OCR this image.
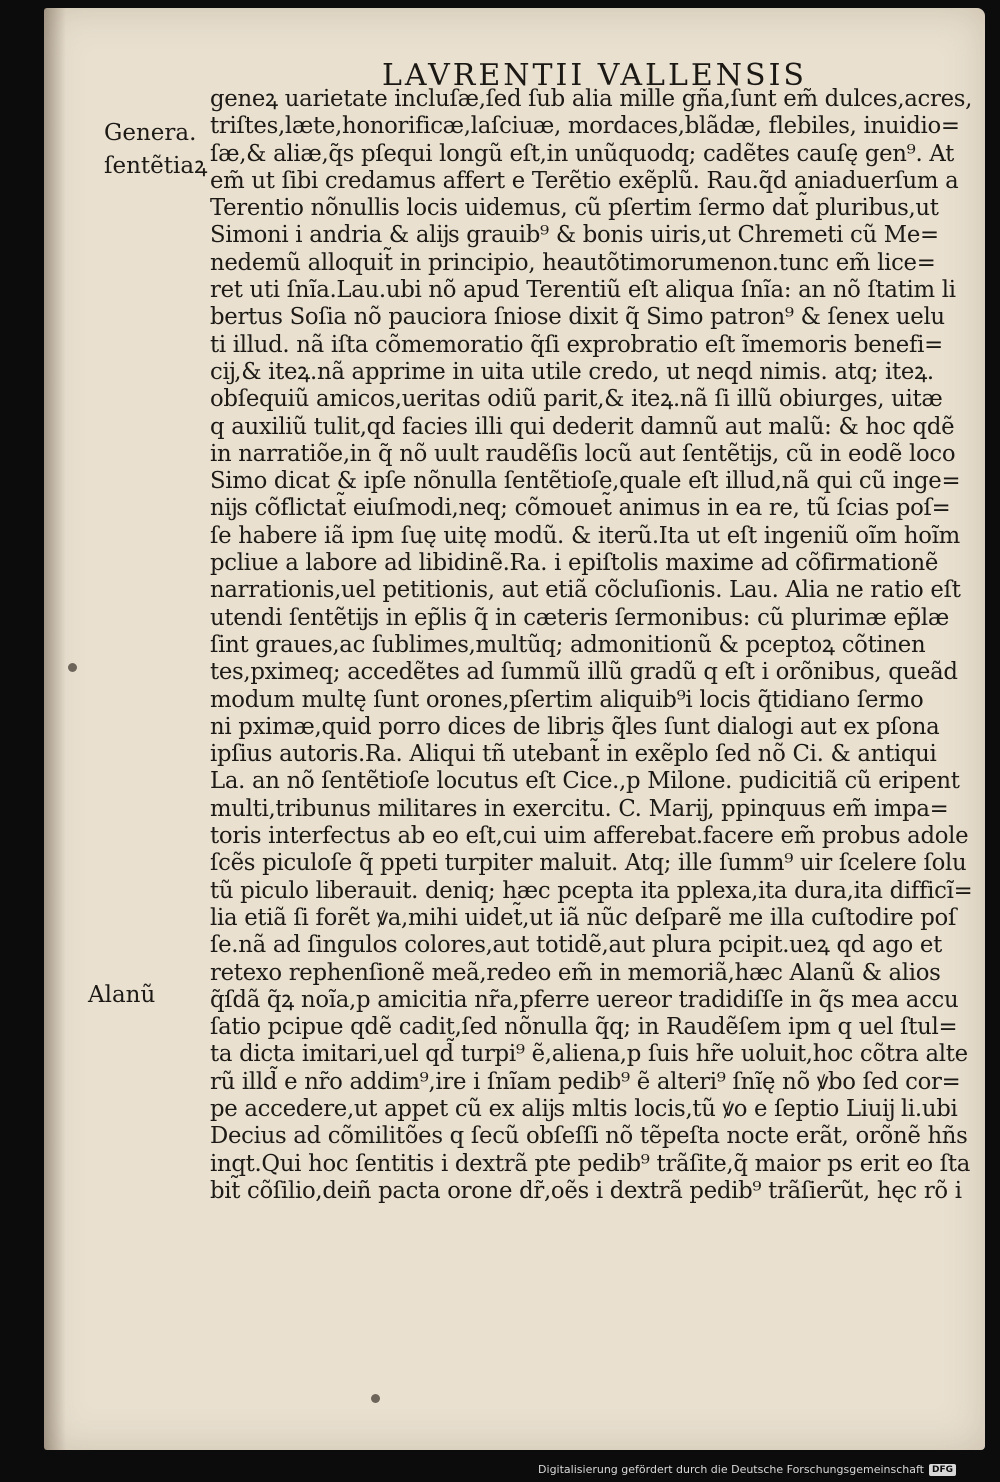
LAVRENTII VALLENSIS
Genera.
ſentẽtiaꝝ
Alanũ
geneꝝ uarietate incluſæ,ſed ſub alia mille gña,ſunt em̃ dulces,acres,
triſtes,læte,honorificæ,laſciuæ, mordaces,blãdæ, flebiles, inuidio=
ſæ,& aliæ,q̃s pſequi longũ eſt,in unũquodq; cadẽtes cauſę gen⁹. At
em̃ ut ſibi credamus affert e Terẽtio exẽplũ. Rau.q̃d aniaduerſum a
Terentio nõnullis locis uidemus, cũ pſertim ſermo dat̃ pluribus,ut
Simoni i andria & alĳs grauib⁹ & bonis uiris,ut Chremeti cũ Me=
nedemũ alloquit̃ in principio, heautõtimorumenon.tunc em̃ lice=
ret uti ſnĩa.Lau.ubi nõ apud Terentiũ eſt aliqua ſnĩa: an nõ ſtatim li
bertus Soſia nõ pauciora ſniose dixit q̃ Simo patron⁹ & ſenex uelu
ti illud. nã iſta cõmemoratio q̃ſi exprobratio eſt ĩmemoris benefi=
cĳ,& iteꝝ.nã apprime in uita utile credo, ut neqd nimis. atq; iteꝝ.
obſequiũ amicos,ueritas odiũ parit,& iteꝝ.nã ſi illũ obiurges, uitæ
q auxiliũ tulit,qd facies illi qui dederit damnũ aut malũ: & hoc qdẽ
in narratiõe,in q̃ nõ uult raudẽſis locũ aut ſentẽtĳs, cũ in eodẽ loco
Simo dicat & ipſe nõnulla ſentẽtioſe,quale eſt illud,nã qui cũ inge=
nĳs cõflictat̃ eiuſmodi,neq; cõmouet̃ animus in ea re, tũ ſcias poſ=
ſe habere iã ipm ſuę uitę modũ. & iterũ.Ita ut eſt ingeniũ oĩm hoĩm
pcliue a labore ad libidinẽ.Ra. i epiſtolis maxime ad cõfirmationẽ
narrationis,uel petitionis, aut etiã cõcluſionis. Lau. Alia ne ratio eſt
utendi ſentẽtĳs in ep̃lis q̃ in cæteris ſermonibus: cũ plurimæ ep̃læ
ſint graues,ac ſublimes,multũq; admonitionũ & pceptoꝝ cõtinen
tes,pximeq; accedẽtes ad ſummũ illũ gradũ q eſt i orõnibus, queãd
modum multę ſunt orones,pſertim aliquib⁹i locis q̃tidiano ſermo
ni pximæ,quid porro dices de libris q̃les ſunt dialogi aut ex pſona
ipſius autoris.Ra. Aliqui tñ utebant̃ in exẽplo ſed nõ Ci. & antiqui
La. an nõ ſentẽtioſe locutus eſt Cice.,p Milone. pudicitiã cũ eripent
multi,tribunus militares in exercitu. C. Marĳ, ppinquus em̃ impa=
toris interfectus ab eo eſt,cui uim afferebat.facere em̃ probus adole
ſcẽs piculoſe q̃ ppeti turpiter maluit. Atq; ille ſumm⁹ uir ſcelere ſolu
tũ piculo liberauit. deniq; hæc pcepta ita pplexa,ita dura,ita difficĩ=
lia etiã ſi forẽt ꝟa,mihi uidet̃,ut iã nũc deſparẽ me illa cuſtodire poſ
ſe.nã ad ſingulos colores,aut totidẽ,aut plura pcipit.ueꝝ qd ago et
retexo rephenſionẽ meã,redeo em̃ in memoriã,hæc Alanũ & alios
q̃ſdã q̃ꝝ noĩa,p amicitia nr̃a,pferre uereor tradidiſſe in q̃s mea accu
ſatio pcipue qdẽ cadit,ſed nõnulla q̃q; in Raudẽſem ipm q uel ſtul=
ta dicta imitari,uel qd̃ turpi⁹ ẽ,aliena,p ſuis hr̃e uoluit,hoc cõtra alte
rũ illd̃ e nr̃o addim⁹,ire i ſnĩam pedib⁹ ẽ alteri⁹ ſnĩę nõ ꝟbo ſed cor=
pe accedere,ut appet cũ ex alĳs mltis locis,tũ ꝟo e ſeptio Liuĳ li.ubi
Decius ad cõmilitões q ſecũ obſeſſi nõ tẽpeſta nocte erãt, orõnẽ hñs
inqt.Qui hoc ſentitis i dextrã pte pedib⁹ trãſite,q̃ maior ps erit eo ſta
bit̃ cõſilio,deiñ pacta orone dr̃,oẽs i dextrã pedib⁹ trãſierũt, hęc rõ i
Digitalisierung gefördert durch die Deutsche Forschungsgemeinschaft DFG
